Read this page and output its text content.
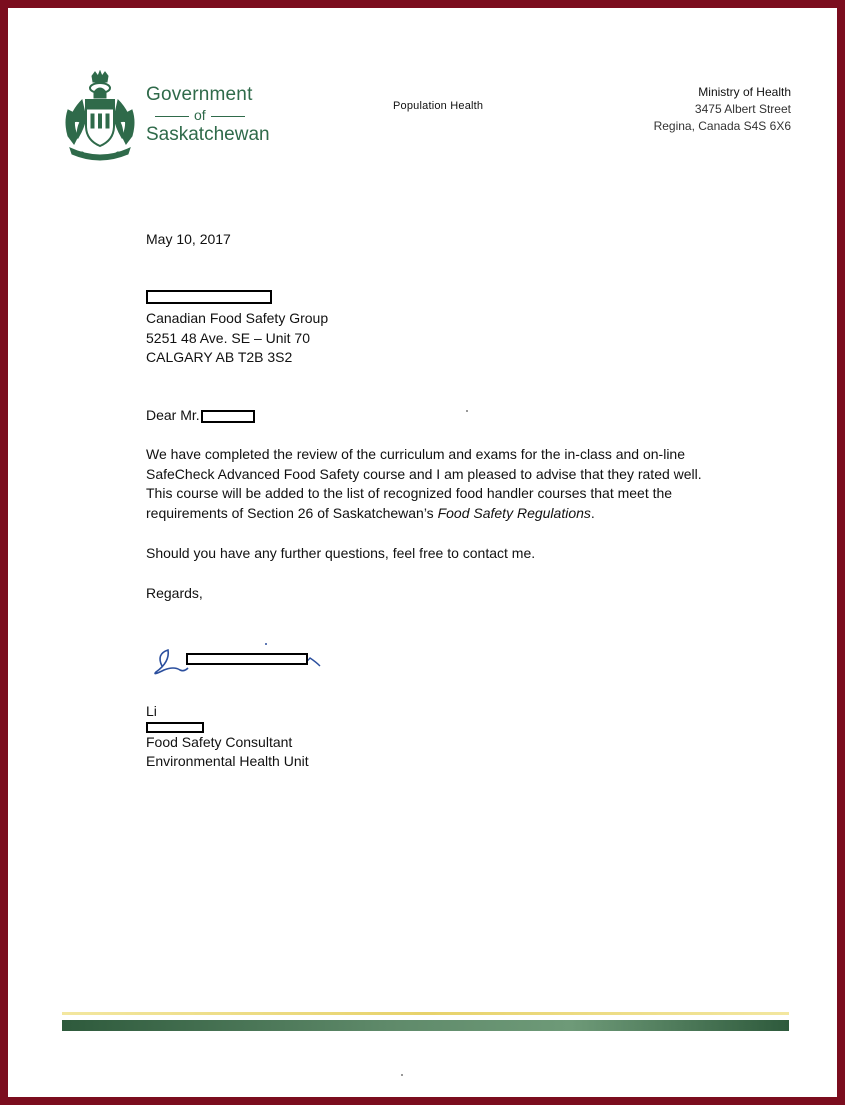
Government
of
Saskatchewan
Population Health
Ministry of Health
3475 Albert Street
Regina, Canada S4S 6X6
May 10, 2017
Canadian Food Safety Group
5251 48 Ave. SE – Unit 70
CALGARY AB T2B 3S2
Dear Mr.

We have completed the review of the curriculum and exams for the in-class and on-line

SafeCheck Advanced Food Safety course and I am pleased to advise that they rated well.

This course will be added to the list of recognized food handler courses that meet the

requirements of Section 26 of Saskatchewan’s Food Safety Regulations.

Should you have any further questions, feel free to contact me.

Regards,
Li
Food Safety Consultant
Environmental Health Unit
